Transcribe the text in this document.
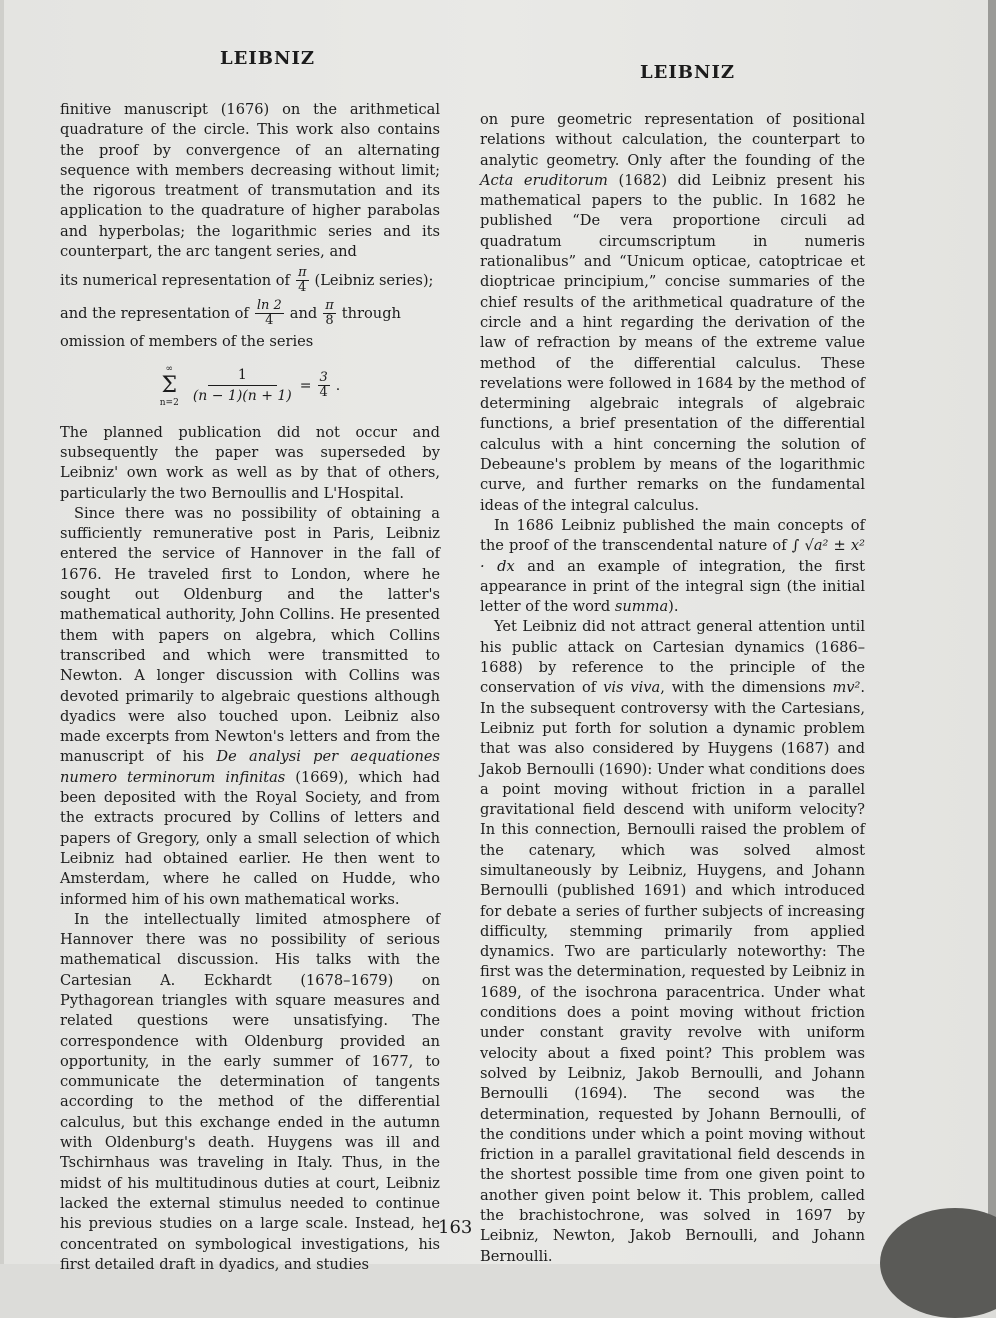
LEIBNIZ
LEIBNIZ

finitive manuscript (1676) on the arithmetical quadrature of the circle. This work also contains the proof by convergence of an alternating sequence with members decreasing without limit; the rigorous treatment of transmutation and its application to the quadrature of higher parabolas and hyperbolas; the logarithmic series and its counterpart, the arc tangent series, and

its numerical representation of $\frac{\pi}{4}$ (Leibniz series);
and the representation of $\frac{\ln 2}{4}$ and $\frac{\pi}{8}$ through

omission of members of the series

∞
Σ
$n=2 \frac{1}{(n - 1)(n + 1)} = \frac{3}{4}$ .

The planned publication did not occur and subsequently the paper was superseded by Leibniz' own work as well as by that of others, particularly the two Bernoullis and L'Hospital.

Since there was no possibility of obtaining a sufficiently remunerative post in Paris, Leibniz entered the service of Hannover in the fall of 1676. He traveled first to London, where he sought out Oldenburg and the latter's mathematical authority, John Collins. He presented them with papers on algebra, which Collins transcribed and which were transmitted to Newton. A longer discussion with Collins was devoted primarily to algebraic questions although dyadics were also touched upon. Leibniz also made excerpts from Newton's letters and from the manuscript of his De analysi per aequationes numero terminorum infinitas (1669), which had been deposited with the Royal Society, and from the extracts procured by Collins of letters and papers of Gregory, only a small selection of which Leibniz had obtained earlier. He then went to Amsterdam, where he called on Hudde, who informed him of his own mathematical works.

In the intellectually limited atmosphere of Hannover there was no possibility of serious mathematical discussion. His talks with the Cartesian A. Eckhardt (1678–1679) on Pythagorean triangles with square measures and related questions were unsatisfying. The correspondence with Oldenburg provided an opportunity, in the early summer of 1677, to communicate the determination of tangents according to the method of the differential calculus, but this exchange ended in the autumn with Oldenburg's death. Huygens was ill and Tschirnhaus was traveling in Italy. Thus, in the midst of his multitudinous duties at court, Leibniz lacked the external stimulus needed to continue his previous studies on a large scale. Instead, he concentrated on symbological investigations, his first detailed draft in dyadics, and studies

on pure geometric representation of positional relations without calculation, the counterpart to analytic geometry. Only after the founding of the Acta eruditorum (1682) did Leibniz present his mathematical papers to the public. In 1682 he published “De vera proportione circuli ad quadratum circumscriptum in numeris rationalibus” and “Unicum opticae, catoptricae et dioptricae principium,” concise summaries of the chief results of the arithmetical quadrature of the circle and a hint regarding the derivation of the law of refraction by means of the extreme value method of the differential calculus. These revelations were followed in 1684 by the method of determining algebraic integrals of algebraic functions, a brief presentation of the differential calculus with a hint concerning the solution of Debeaune's problem by means of the logarithmic curve, and further remarks on the fundamental ideas of the integral calculus.

In 1686 Leibniz published the main concepts of the proof of the transcendental nature of ∫ √a² ± x² · dx and an example of integration, the first appearance in print of the integral sign (the initial letter of the word summa).

Yet Leibniz did not attract general attention until his public attack on Cartesian dynamics (1686–1688) by reference to the principle of the conservation of vis viva, with the dimensions mv². In the subsequent controversy with the Cartesians, Leibniz put forth for solution a dynamic problem that was also considered by Huygens (1687) and Jakob Bernoulli (1690): Under what conditions does a point moving without friction in a parallel gravitational field descend with uniform velocity? In this connection, Bernoulli raised the problem of the catenary, which was solved almost simultaneously by Leibniz, Huygens, and Johann Bernoulli (published 1691) and which introduced for debate a series of further subjects of increasing difficulty, stemming primarily from applied dynamics. Two are particularly noteworthy: The first was the determination, requested by Leibniz in 1689, of the isochrona paracentrica. Under what conditions does a point moving without friction under constant gravity revolve with uniform velocity about a fixed point? This problem was solved by Leibniz, Jakob Bernoulli, and Johann Bernoulli (1694). The second was the determination, requested by Johann Bernoulli, of the conditions under which a point moving without friction in a parallel gravitational field descends in the shortest possible time from one given point to another given point below it. This problem, called the brachistochrone, was solved in 1697 by Leibniz, Newton, Jakob Bernoulli, and Johann Bernoulli.

163
